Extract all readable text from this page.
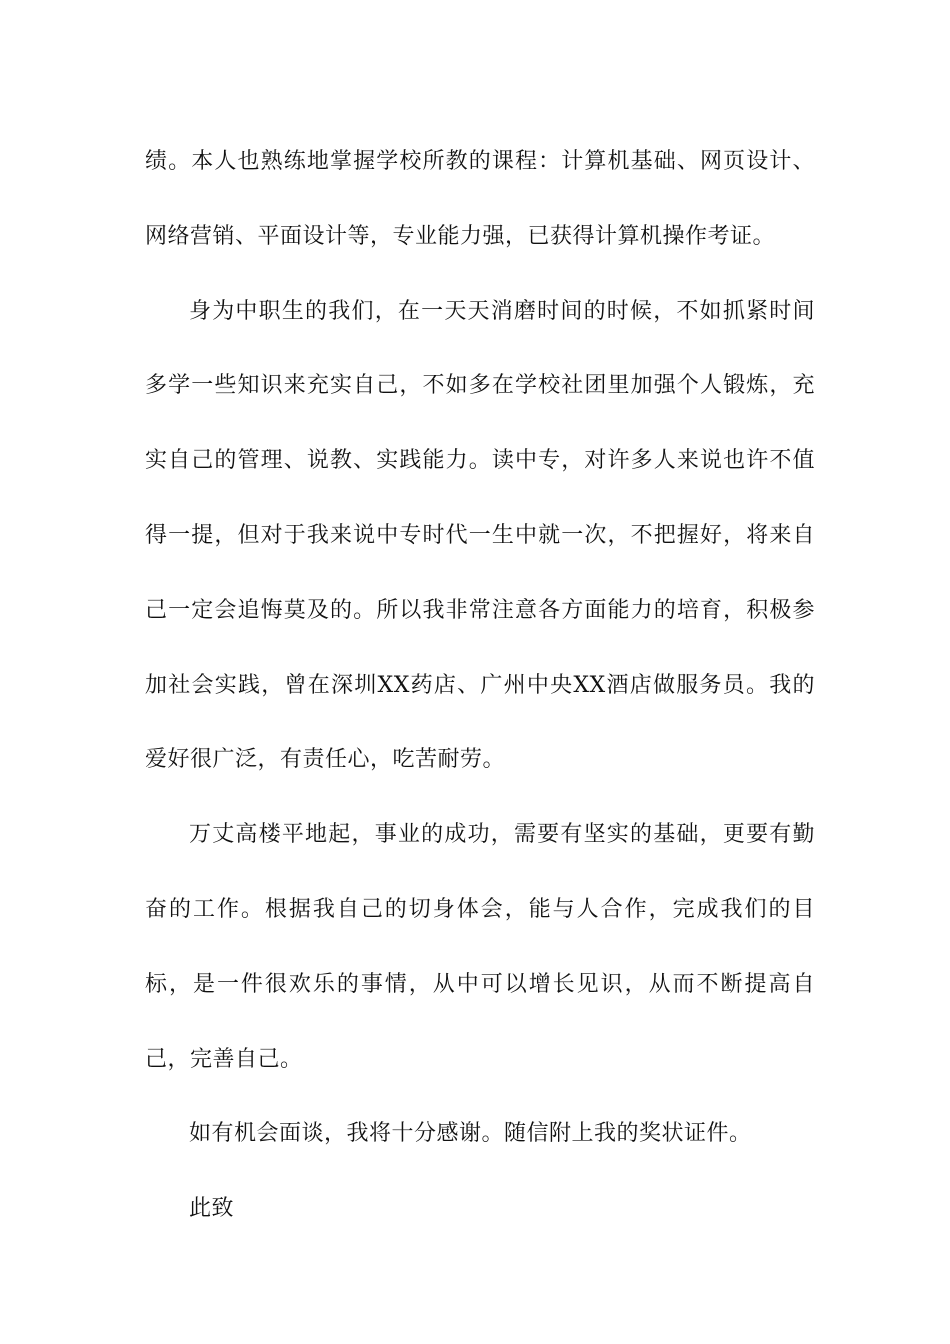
绩。本人也熟练地掌握学校所教的课程：计算机基础、网页设计、网络营销、平面设计等，专业能力强，已获得计算机操作考证。

身为中职生的我们，在一天天消磨时间的时候，不如抓紧时间多学一些知识来充实自己，不如多在学校社团里加强个人锻炼，充实自己的管理、说教、实践能力。读中专，对许多人来说也许不值得一提，但对于我来说中专时代一生中就一次，不把握好，将来自己一定会追悔莫及的。所以我非常注意各方面能力的培育，积极参加社会实践，曾在深圳XX药店、广州中央XX酒店做服务员。我的爱好很广泛，有责任心，吃苦耐劳。

万丈高楼平地起，事业的成功，需要有坚实的基础，更要有勤奋的工作。根据我自己的切身体会，能与人合作，完成我们的目标，是一件很欢乐的事情，从中可以增长见识，从而不断提高自己，完善自己。

如有机会面谈，我将十分感谢。随信附上我的奖状证件。

此致
